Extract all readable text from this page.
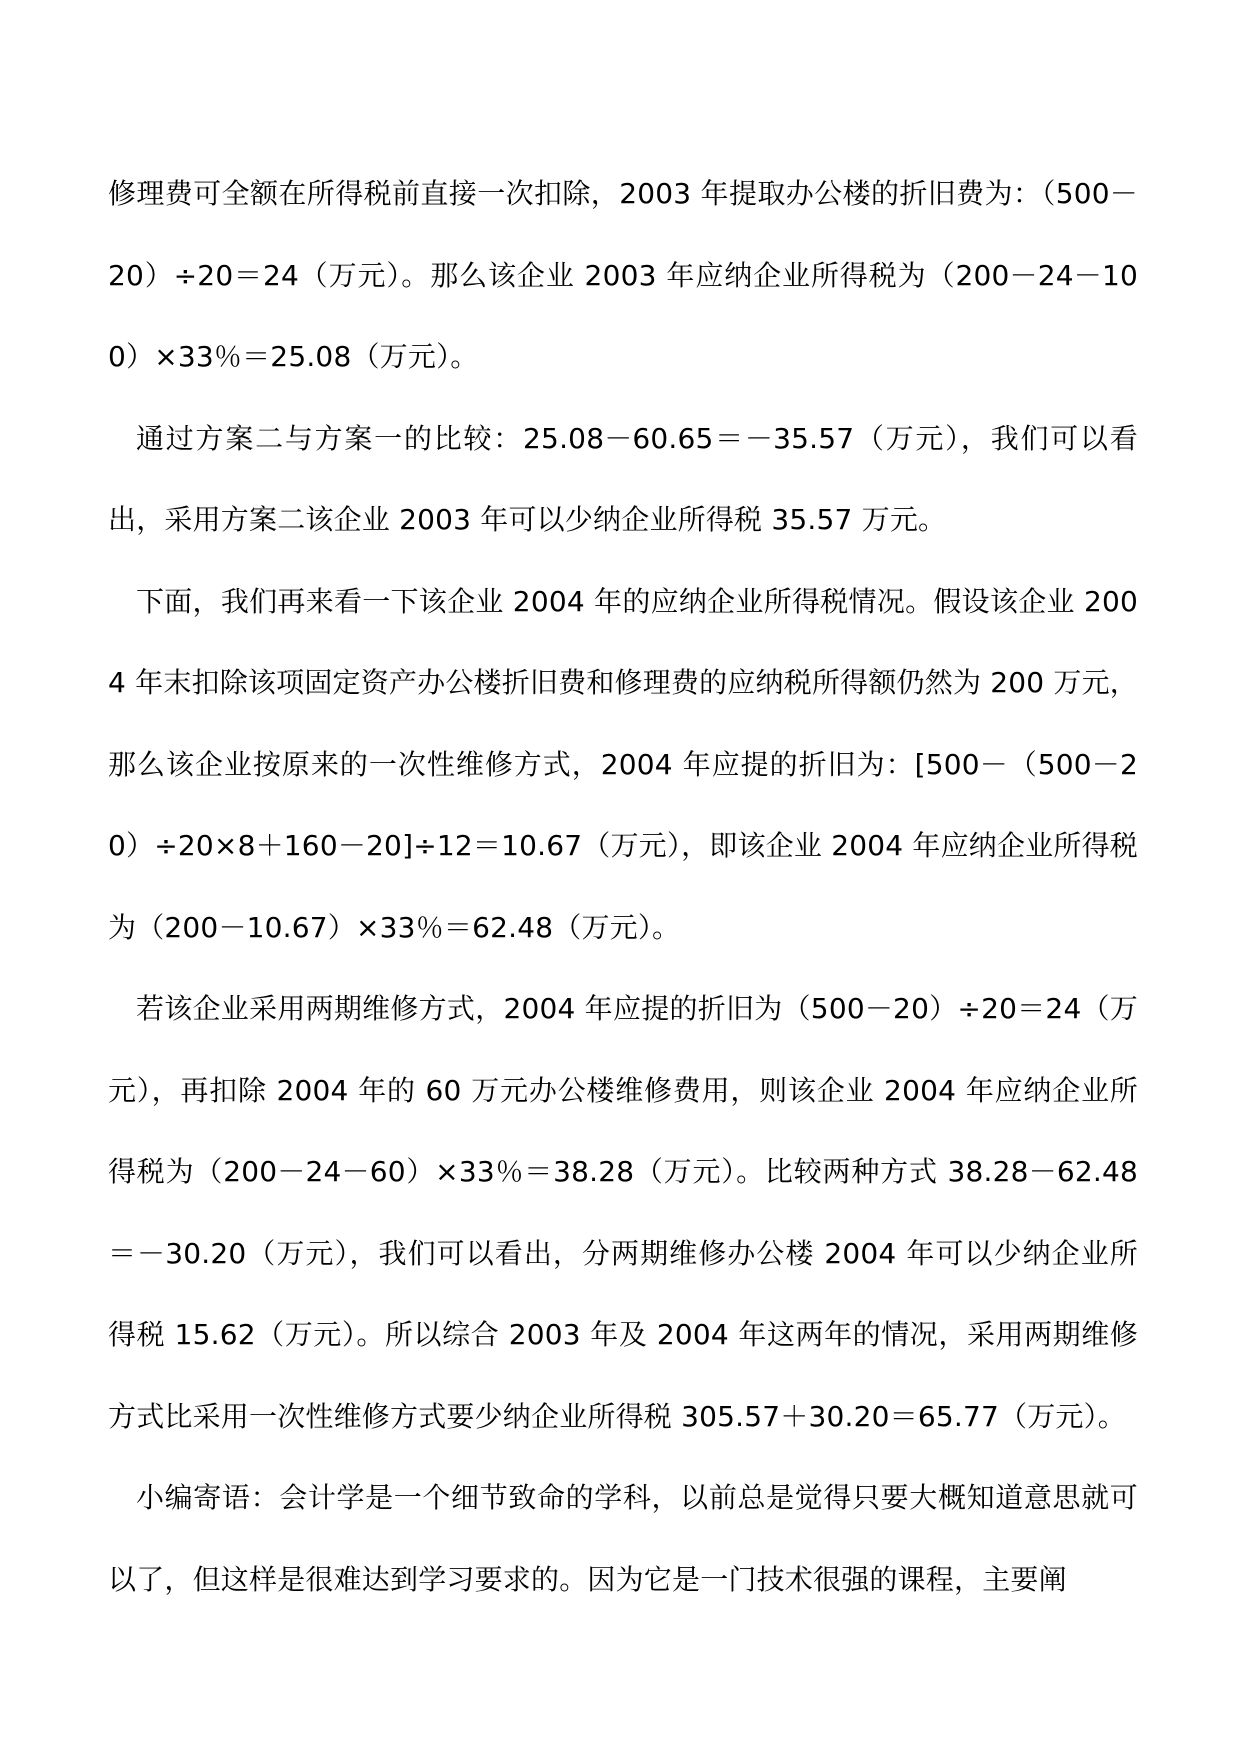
修理费可全额在所得税前直接一次扣除，2003 年提取办公楼的折旧费为：（500－20）÷20＝24（万元）。那么该企业 2003 年应纳企业所得税为（200－24－100）×33％＝25.08（万元）。

通过方案二与方案一的比较：25.08－60.65＝－35.57（万元），我们可以看出，采用方案二该企业 2003 年可以少纳企业所得税 35.57 万元。

下面，我们再来看一下该企业 2004 年的应纳企业所得税情况。假设该企业 2004 年末扣除该项固定资产办公楼折旧费和修理费的应纳税所得额仍然为 200 万元，那么该企业按原来的一次性维修方式，2004 年应提的折旧为：[500－（500－20）÷20×8＋160－20]÷12＝10.67（万元），即该企业 2004 年应纳企业所得税为（200－10.67）×33％＝62.48（万元）。

若该企业采用两期维修方式，2004 年应提的折旧为（500－20）÷20＝24（万元），再扣除 2004 年的 60 万元办公楼维修费用，则该企业 2004 年应纳企业所得税为（200－24－60）×33％＝38.28（万元）。比较两种方式 38.28－62.48＝－30.20（万元），我们可以看出，分两期维修办公楼 2004 年可以少纳企业所得税 15.62（万元）。所以综合 2003 年及 2004 年这两年的情况，采用两期维修方式比采用一次性维修方式要少纳企业所得税 305.57＋30.20＝65.77（万元）。

小编寄语：会计学是一个细节致命的学科，以前总是觉得只要大概知道意思就可以了，但这样是很难达到学习要求的。因为它是一门技术很强的课程，主要阐
